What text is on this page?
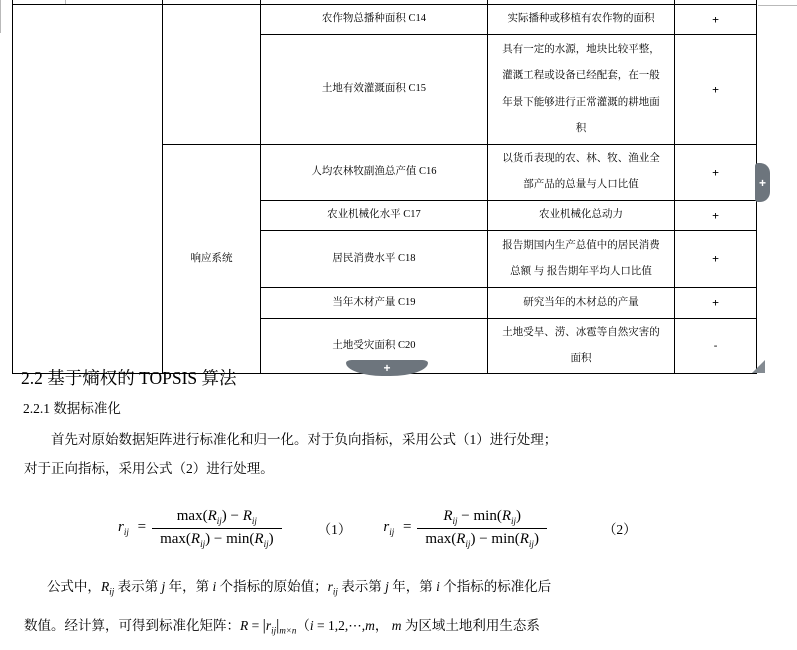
		农作物总播种面积 C14	实际播种或移植有农作物的面积	+
		土地有效灌溉面积 C15	具有一定的水源，地块比较平整，灌溉工程或设备已经配套，在一般年景下能够进行正常灌溉的耕地面积	+
	响应系统	人均农林牧副渔总产值 C16	以货币表现的农、林、牧、渔业全部产品的总量与人口比值	+
		农业机械化水平 C17	农业机械化总动力	+
		居民消费水平 C18	报告期国内生产总值中的居民消费总额 与 报告期年平均人口比值	+
		当年木材产量 C19	研究当年的木材总的产量	+
		土地受灾面积 C20	土地受旱、涝、冰雹等自然灾害的面积	-
+
+
2.2 基于熵权的 TOPSIS 算法
2.2.1 数据标准化
首先对原始数据矩阵进行标准化和归一化。对于负向指标，采用公式（1）进行处理；
对于正向指标，采用公式（2）进行处理。
$r_{ij} = \frac{\max(R_{ij}) - R_{ij}}{\max(R_{ij}) - \min(R_{ij})}$	（1） $r_{ij} = \frac{R_{ij} - \min(R_{ij})}{\max(R_{ij}) - \min(R_{ij})}$	（2）
公式中，$R_{ij}$ 表示第 j 年，第 i 个指标的原始值；$r_{ij}$ 表示第 j 年，第 i 个指标的标准化后
数值。经计算，可得到标准化矩阵：$R = |r_{ij}|_{m\times n}(i$ = 1,2,⋯,m， m 为区域土地利用生态系
